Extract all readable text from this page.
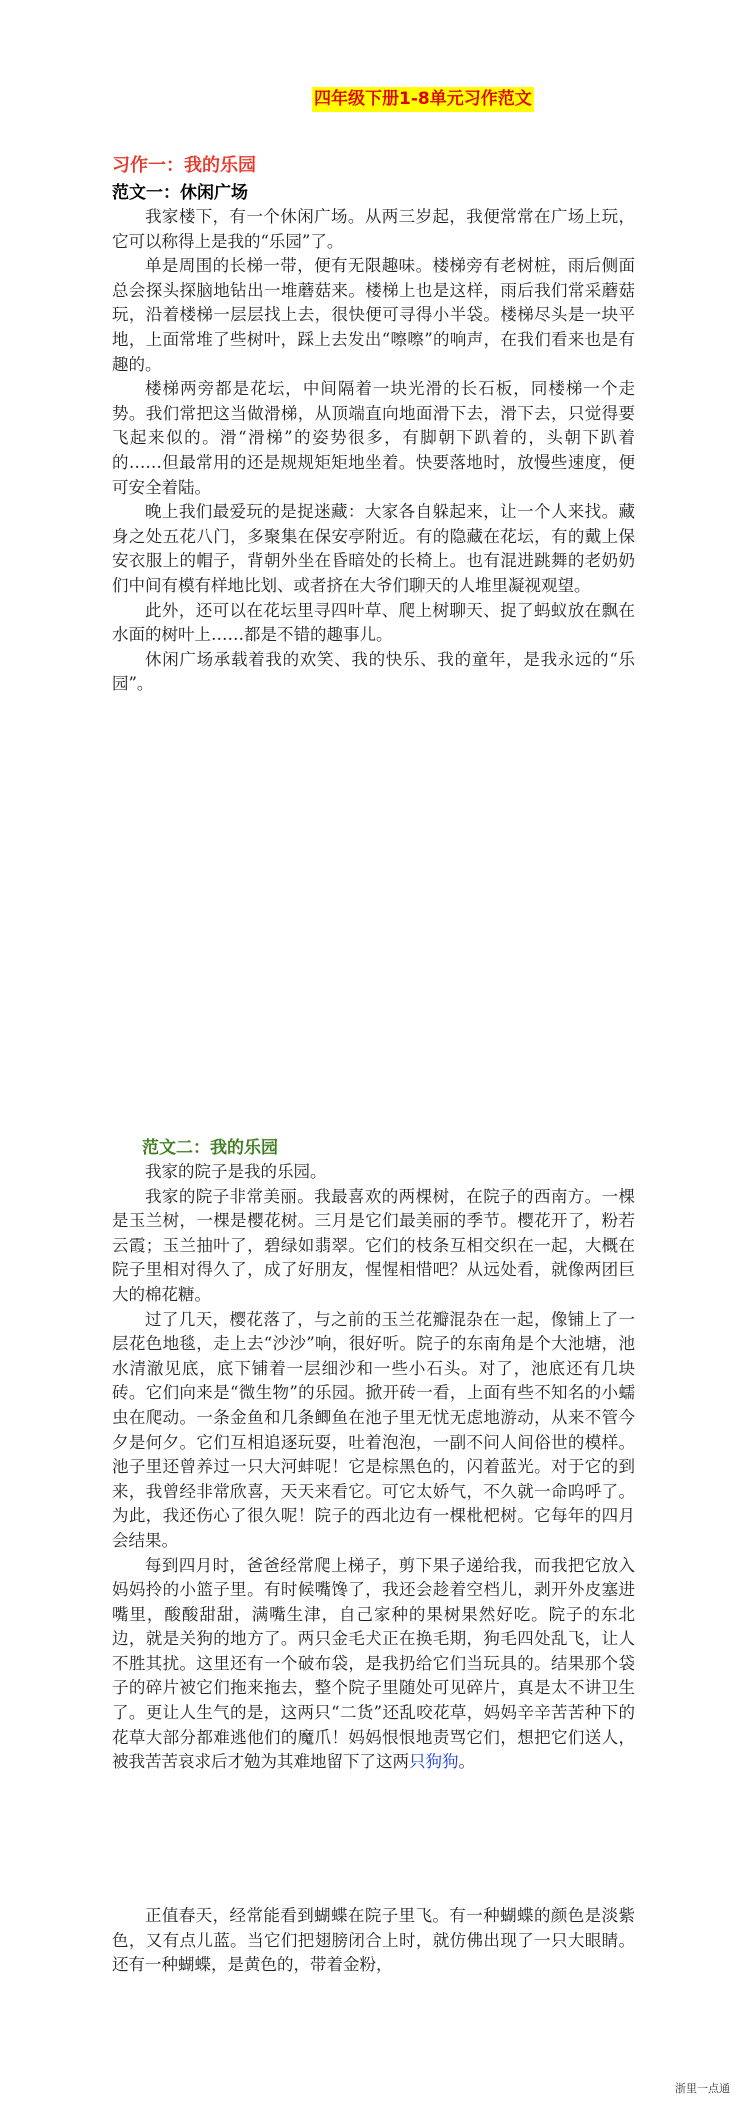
四年级下册1-8单元习作范文
习作一：我的乐园
范文一：休闲广场

我家楼下，有一个休闲广场。从两三岁起，我便常常在广场上玩，它可以称得上是我的“乐园”了。

单是周围的长梯一带，便有无限趣味。楼梯旁有老树桩，雨后侧面总会探头探脑地钻出一堆蘑菇来。楼梯上也是这样，雨后我们常采蘑菇玩，沿着楼梯一层层找上去，很快便可寻得小半袋。楼梯尽头是一块平地，上面常堆了些树叶，踩上去发出“嚓嚓”的响声，在我们看来也是有趣的。

楼梯两旁都是花坛，中间隔着一块光滑的长石板，同楼梯一个走势。我们常把这当做滑梯，从顶端直向地面滑下去，滑下去，只觉得要飞起来似的。滑“滑梯”的姿势很多，有脚朝下趴着的，头朝下趴着的……但最常用的还是规规矩矩地坐着。快要落地时，放慢些速度，便可安全着陆。

晚上我们最爱玩的是捉迷藏：大家各自躲起来，让一个人来找。藏身之处五花八门，多聚集在保安亭附近。有的隐藏在花坛，有的戴上保安衣服上的帽子，背朝外坐在昏暗处的长椅上。也有混进跳舞的老奶奶们中间有模有样地比划、或者挤在大爷们聊天的人堆里凝视观望。

此外，还可以在花坛里寻四叶草、爬上树聊天、捉了蚂蚁放在飘在水面的树叶上……都是不错的趣事儿。

休闲广场承载着我的欢笑、我的快乐、我的童年，是我永远的“乐园”。

范文二：我的乐园

我家的院子是我的乐园。

我家的院子非常美丽。我最喜欢的两棵树，在院子的西南方。一棵是玉兰树，一棵是樱花树。三月是它们最美丽的季节。樱花开了，粉若云霞；玉兰抽叶了，碧绿如翡翠。它们的枝条互相交织在一起，大概在院子里相对得久了，成了好朋友，惺惺相惜吧？从远处看，就像两团巨大的棉花糖。

过了几天，樱花落了，与之前的玉兰花瓣混杂在一起，像铺上了一层花色地毯，走上去“沙沙”响，很好听。院子的东南角是个大池塘，池水清澈见底，底下铺着一层细沙和一些小石头。对了，池底还有几块砖。它们向来是“微生物”的乐园。掀开砖一看，上面有些不知名的小蠕虫在爬动。一条金鱼和几条鲫鱼在池子里无忧无虑地游动，从来不管今夕是何夕。它们互相追逐玩耍，吐着泡泡，一副不问人间俗世的模样。池子里还曾养过一只大河蚌呢！它是棕黑色的，闪着蓝光。对于它的到来，我曾经非常欣喜，天天来看它。可它太娇气，不久就一命呜呼了。为此，我还伤心了很久呢！院子的西北边有一棵枇杷树。它每年的四月会结果。

每到四月时，爸爸经常爬上梯子，剪下果子递给我，而我把它放入妈妈拎的小篮子里。有时候嘴馋了，我还会趁着空档儿，剥开外皮塞进嘴里，酸酸甜甜，满嘴生津，自己家种的果树果然好吃。院子的东北边，就是关狗的地方了。两只金毛犬正在换毛期，狗毛四处乱飞，让人不胜其扰。这里还有一个破布袋，是我扔给它们当玩具的。结果那个袋子的碎片被它们拖来拖去，整个院子里随处可见碎片，真是太不讲卫生了。更让人生气的是，这两只“二货”还乱咬花草，妈妈辛辛苦苦种下的花草大部分都难逃他们的魔爪！妈妈恨恨地责骂它们，想把它们送人，被我苦苦哀求后才勉为其难地留下了这两只狗狗。

正值春天，经常能看到蝴蝶在院子里飞。有一种蝴蝶的颜色是淡紫色，又有点儿蓝。当它们把翅膀闭合上时，就仿佛出现了一只大眼睛。还有一种蝴蝶，是黄色的，带着金粉，

浙里一点通
